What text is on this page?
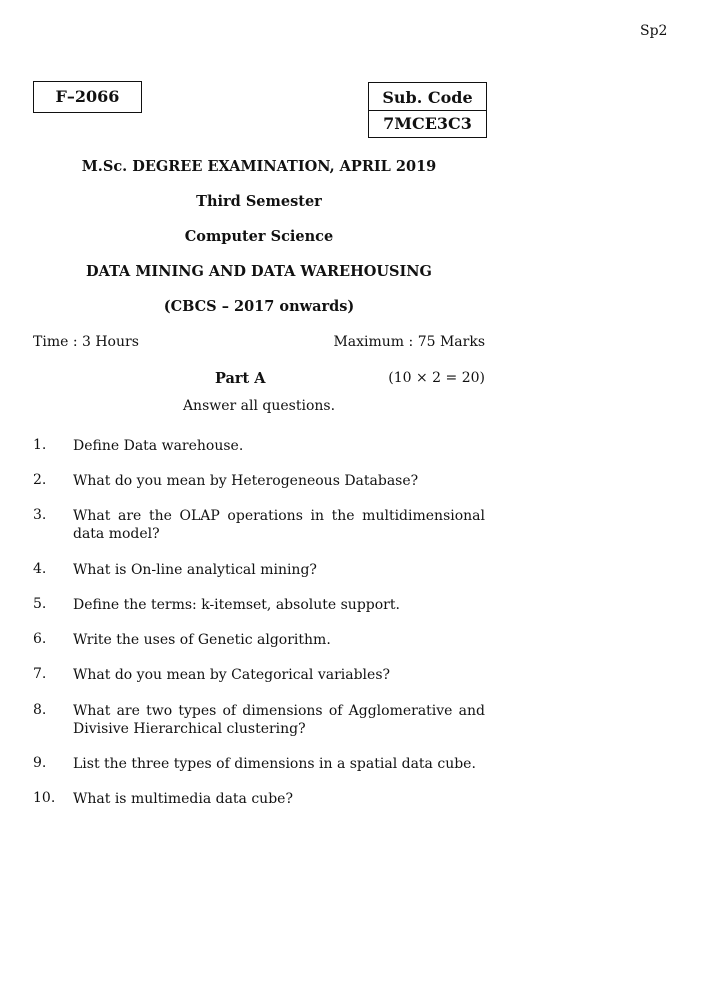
Sp2
F–2066	Sub. Code
7MCE3C3
M.Sc. DEGREE EXAMINATION, APRIL 2019
Third Semester
Computer Science
DATA MINING AND DATA WAREHOUSING
(CBCS – 2017 onwards)
Time : 3 Hours	Maximum : 75 Marks
Part A	(10 × 2 = 20)
Answer all questions.
1. Define Data warehouse.
2. What do you mean by Heterogeneous Database?
3. What are the OLAP operations in the multidimensional data model?
4. What is On-line analytical mining?
5. Define the terms: k-itemset, absolute support.
6. Write the uses of Genetic algorithm.
7. What do you mean by Categorical variables?
8. What are two types of dimensions of Agglomerative and Divisive Hierarchical clustering?
9. List the three types of dimensions in a spatial data cube.
10. What is multimedia data cube?
